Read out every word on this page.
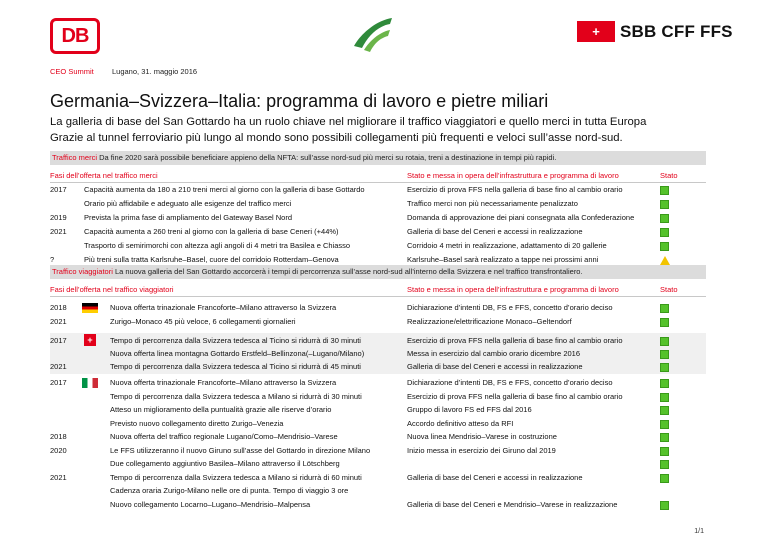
DB	+ SBB CFF FFS
CEO Summit	Lugano, 31. maggio 2016
Germania–Svizzera–Italia: programma di lavoro e pietre miliari
La galleria di base del San Gottardo ha un ruolo chiave nel migliorare il traffico viaggiatori e quello merci in tutta Europa
Grazie al tunnel ferroviario più lungo al mondo sono possibili collegamenti più frequenti e veloci sull’asse nord-sud.
Traffico merci Da fine 2020 sarà possibile beneficiare appieno della NFTA: sull’asse nord-sud più merci su rotaia, treni a destinazione in tempi più rapidi.
Fasi dell’offerta nel traffico merci	Stato e messa in opera dell’infrastruttura e programma di lavoro	Stato
2017 Capacità aumenta da 180 a 210 treni merci al giorno con la galleria di base Gottardo	Esercizio di prova FFS nella galleria di base fino al cambio orario
Orario più affidabile e adeguato alle esigenze del traffico merci	Traffico merci non più necessariamente penalizzato
2019 Prevista la prima fase di ampliamento del Gateway Basel Nord	Domanda di approvazione dei piani consegnata alla Confederazione
2021 Capacità aumenta a 260 treni al giorno con la galleria di base Ceneri (+44%)	Galleria di base del Ceneri e accessi in realizzazione
Trasporto di semirimorchi con altezza agli angoli di 4 metri tra Basilea e Chiasso	Corridoio 4 metri in realizzazione, adattamento di 20 gallerie
?	Più treni sulla tratta Karlsruhe–Basel, cuore del corridoio Rotterdam–Genova	Karlsruhe–Basel sarà realizzato a tappe nei prossimi anni
Traffico viaggiatori La nuova galleria del San Gottardo accorcerà i tempi di percorrenza sull’asse nord-sud all’interno della Svizzera e nel traffico transfrontaliero.
Fasi dell’offerta nel traffico viaggiatori	Stato e messa in opera dell’infrastruttura e programma di lavoro	Stato
+
2018	Nuova offerta trinazionale Francoforte–Milano attraverso la Svizzera	Dichiarazione d’intenti DB, FS e FFS, concetto d’orario deciso
2021	Zurigo–Monaco 45 più veloce, 6 collegamenti giornalieri	Realizzazione/elettrificazione Monaco–Geltendorf
2017	Tempo di percorrenza dalla Svizzera tedesca al Ticino si ridurrà di 30 minuti	Esercizio di prova FFS nella galleria di base fino al cambio orario
Nuova offerta linea montagna Gottardo Erstfeld–Bellinzona(–Lugano/Milano)	Messa in esercizio dal cambio orario dicembre 2016
2021	Tempo di percorrenza dalla Svizzera tedesca al Ticino si ridurrà di 45 minuti	Galleria di base del Ceneri e accessi in realizzazione
2017	Nuova offerta trinazionale Francoforte–Milano attraverso la Svizzera	Dichiarazione d’intenti DB, FS e FFS, concetto d’orario deciso
Tempo di percorrenza dalla Svizzera tedesca a Milano si ridurrà di 30 minuti	Esercizio di prova FFS nella galleria di base fino al cambio orario
Atteso un miglioramento della puntualità grazie alle riserve d’orario	Gruppo di lavoro FS ed FFS dal 2016
Previsto nuovo collegamento diretto Zurigo–Venezia	Accordo definitivo atteso da RFI
2018	Nuova offerta del traffico regionale Lugano/Como–Mendrisio–Varese	Nuova linea Mendrisio–Varese in costruzione
2020	Le FFS utilizzeranno il nuovo Giruno sull’asse del Gottardo in direzione Milano	Inizio messa in esercizio dei Giruno dal 2019
Due collegamento aggiuntivo Basilea–Milano attraverso il Lötschberg
2021	Tempo di percorrenza dalla Svizzera tedesca a Milano si ridurrà di 60 minuti	Galleria di base del Ceneri e accessi in realizzazione
Cadenza oraria Zurigo-Milano nelle ore di punta. Tempo di viaggio 3 ore
Nuovo collegamento Locarno–Lugano–Mendrisio–Malpensa	Galleria di base del Ceneri e Mendrisio–Varese in realizzazione
1/1
